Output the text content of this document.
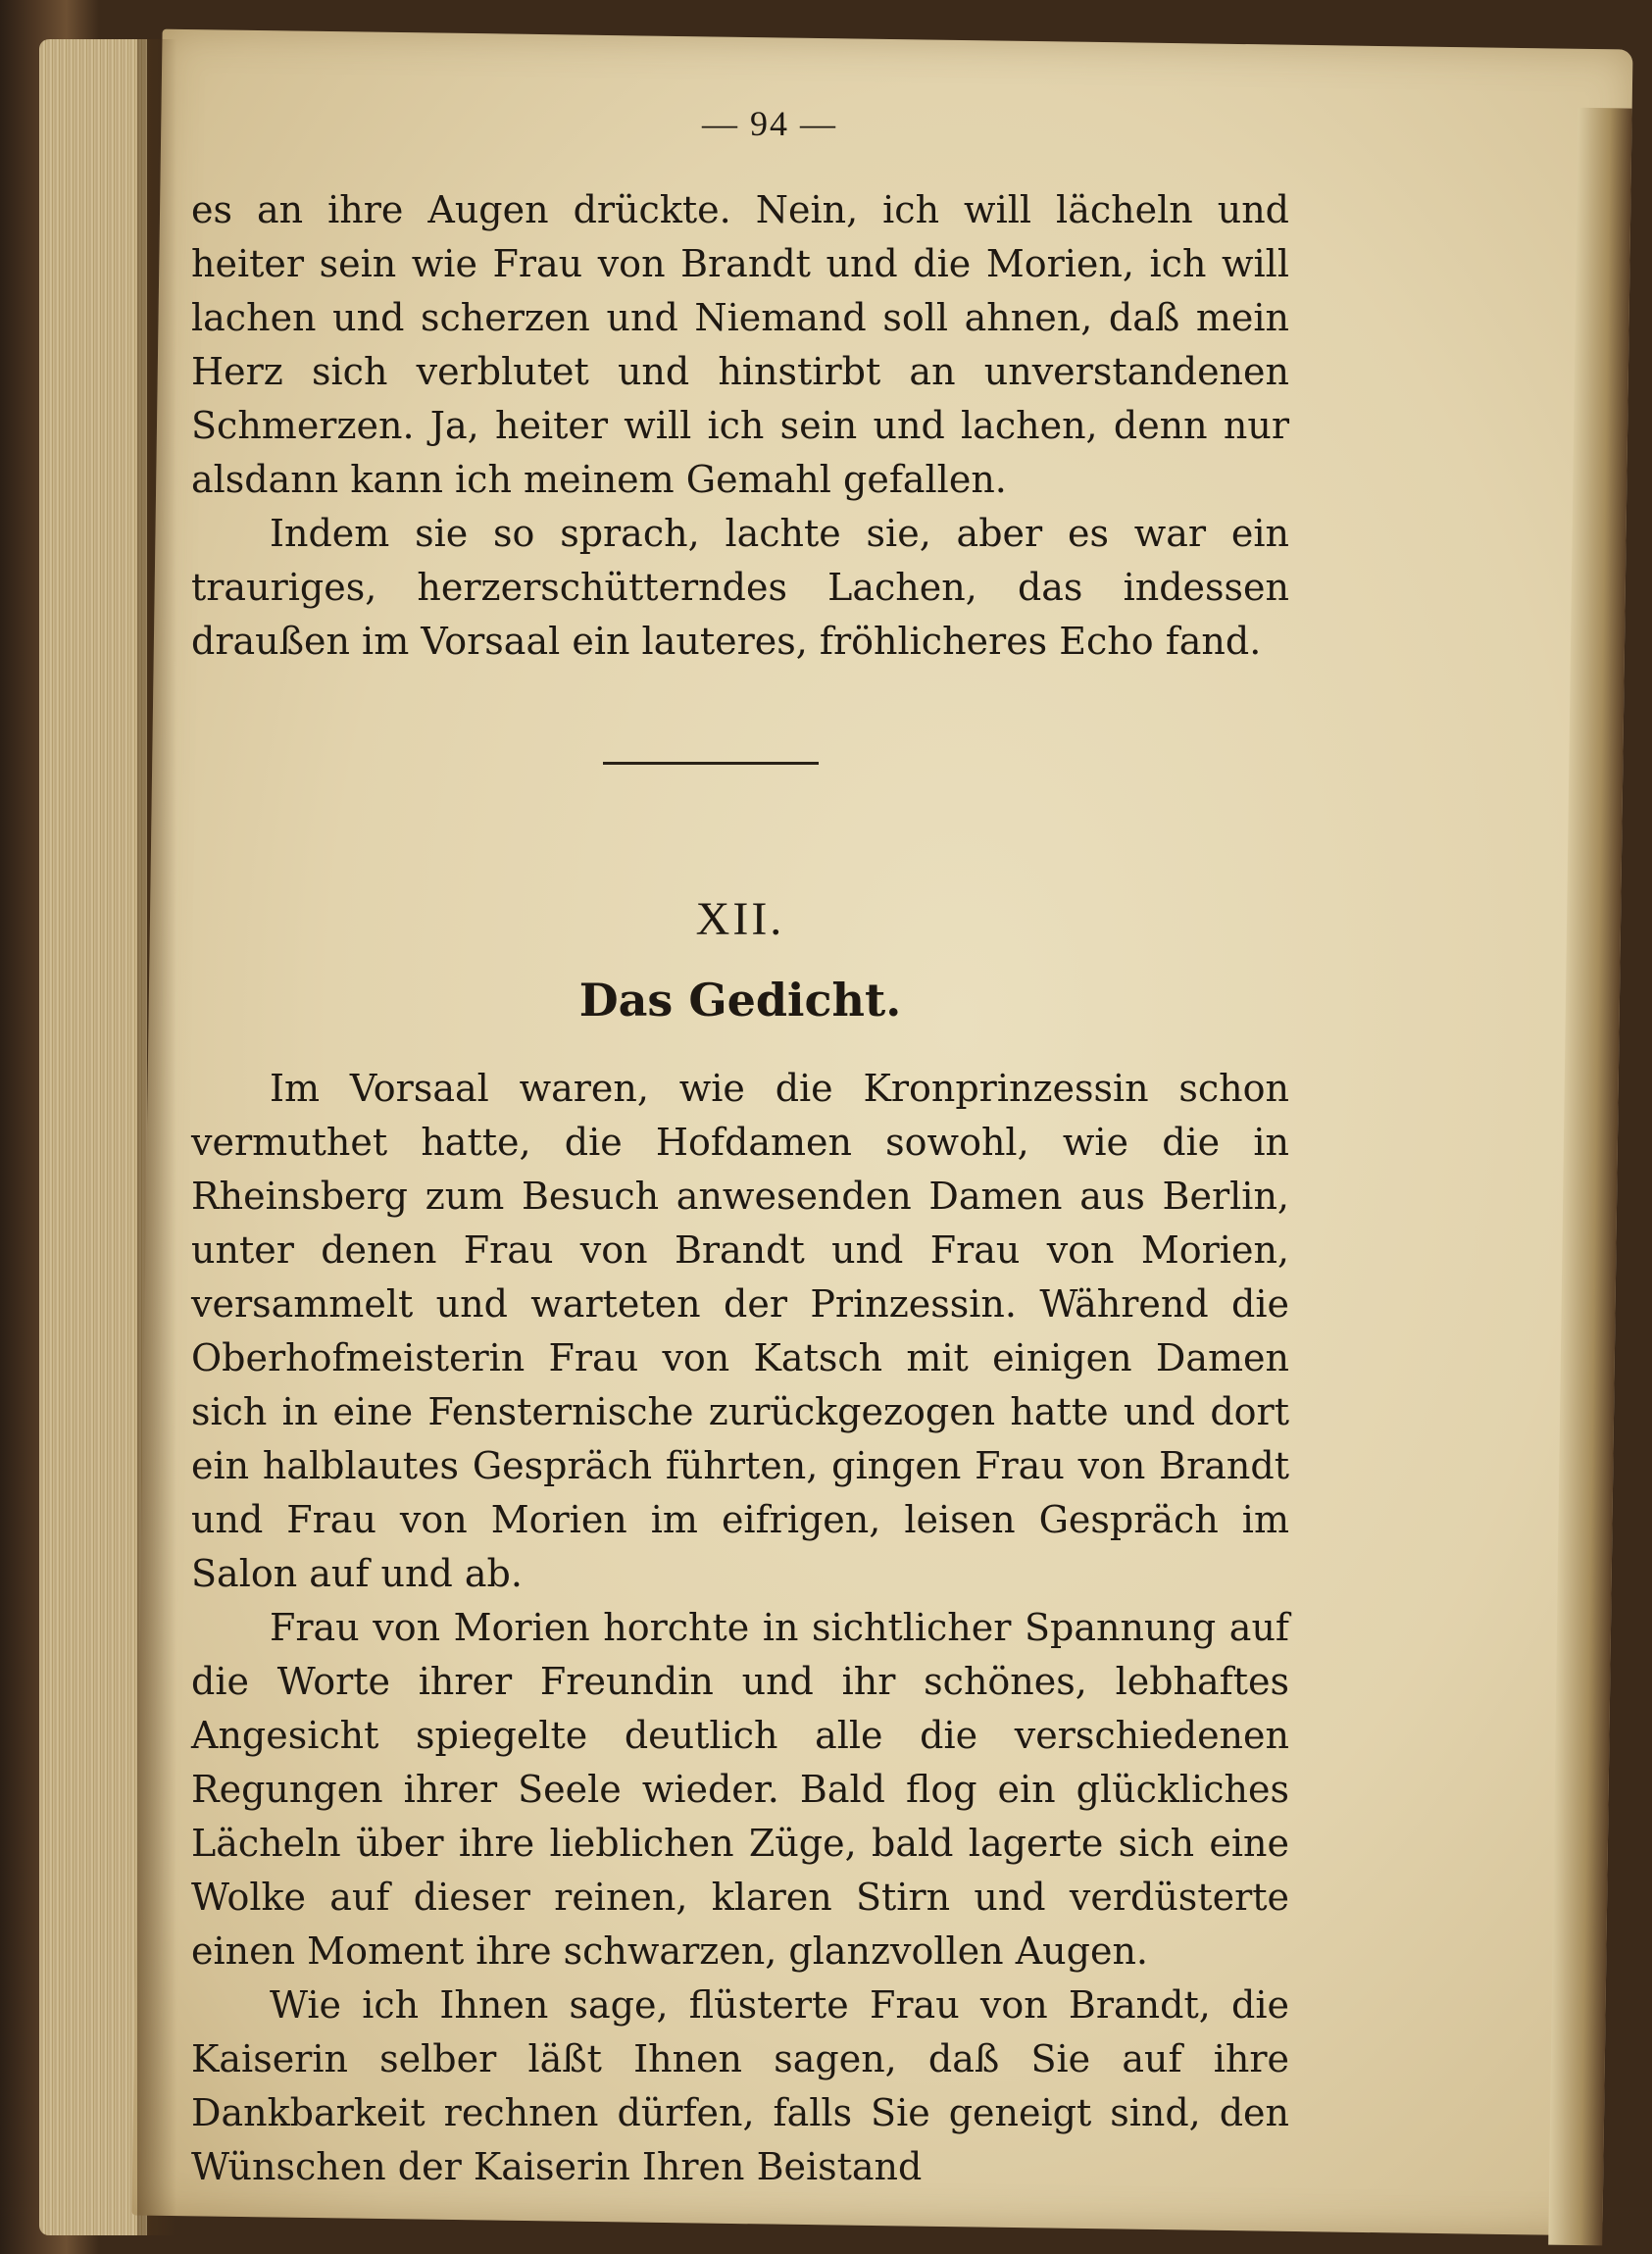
— 94 —

es an ihre Augen drückte. Nein, ich will lächeln und heiter sein wie Frau von Brandt und die Morien, ich will lachen und scherzen und Niemand soll ahnen, daß mein Herz sich verblutet und hinstirbt an unverstandenen Schmerzen. Ja, heiter will ich sein und lachen, denn nur alsdann kann ich meinem Gemahl gefallen.

Indem sie so sprach, lachte sie, aber es war ein trauriges, herzerschütterndes Lachen, das indessen draußen im Vorsaal ein lauteres, fröhlicheres Echo fand.

XII.
Das Gedicht.

Im Vorsaal waren, wie die Kronprinzessin schon vermuthet hatte, die Hofdamen sowohl, wie die in Rheinsberg zum Besuch anwesenden Damen aus Berlin, unter denen Frau von Brandt und Frau von Morien, versammelt und warteten der Prinzessin. Während die Oberhofmeisterin Frau von Katsch mit einigen Damen sich in eine Fensternische zurückgezogen hatte und dort ein halblautes Gespräch führten, gingen Frau von Brandt und Frau von Morien im eifrigen, leisen Gespräch im Salon auf und ab.

Frau von Morien horchte in sichtlicher Spannung auf die Worte ihrer Freundin und ihr schönes, lebhaftes Angesicht spiegelte deutlich alle die verschiedenen Regungen ihrer Seele wieder. Bald flog ein glückliches Lächeln über ihre lieblichen Züge, bald lagerte sich eine Wolke auf dieser reinen, klaren Stirn und verdüsterte einen Moment ihre schwarzen, glanzvollen Augen.

Wie ich Ihnen sage, flüsterte Frau von Brandt, die Kaiserin selber läßt Ihnen sagen, daß Sie auf ihre Dankbarkeit rechnen dürfen, falls Sie geneigt sind, den Wünschen der Kaiserin Ihren Beistand
